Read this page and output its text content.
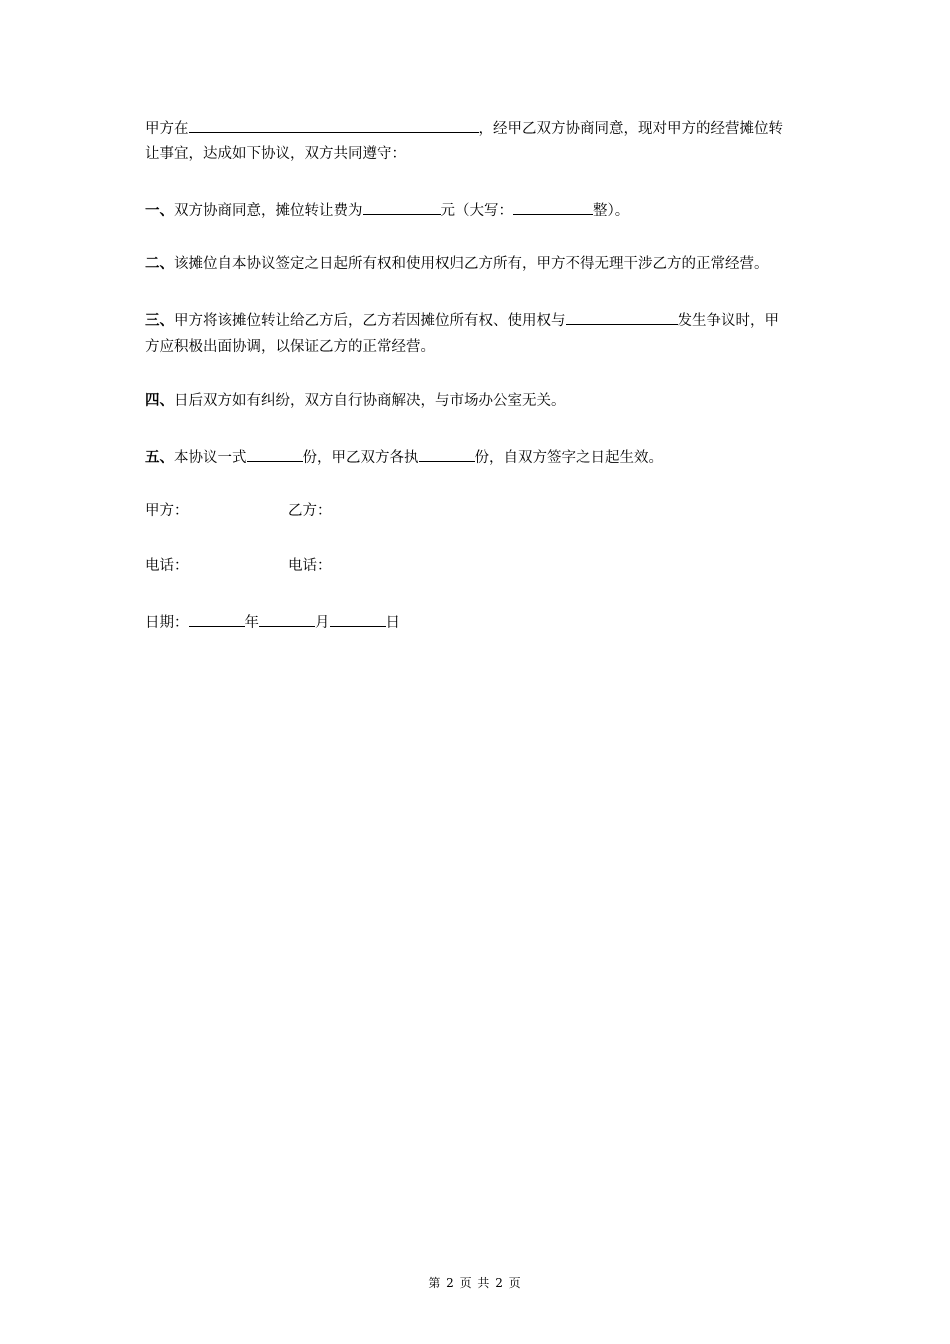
甲方在	，经甲乙双方协商同意，现对甲方的经营摊位转
让事宜，达成如下协议，双方共同遵守：
一、双方协商同意，摊位转让费为	元（大写：	整）。
二、该摊位自本协议签定之日起所有权和使用权归乙方所有，甲方不得无理干涉乙方的正常经营。
三、甲方将该摊位转让给乙方后，乙方若因摊位所有权、使用权与	发生争议时，甲
方应积极出面协调，以保证乙方的正常经营。
四、日后双方如有纠纷，双方自行协商解决，与市场办公室无关。
五、本协议一式	份，甲乙双方各执	份，自双方签字之日起生效。
甲方：	乙方：
电话：	电话：
日期：	年	月	日
第 2 页 共 2 页
